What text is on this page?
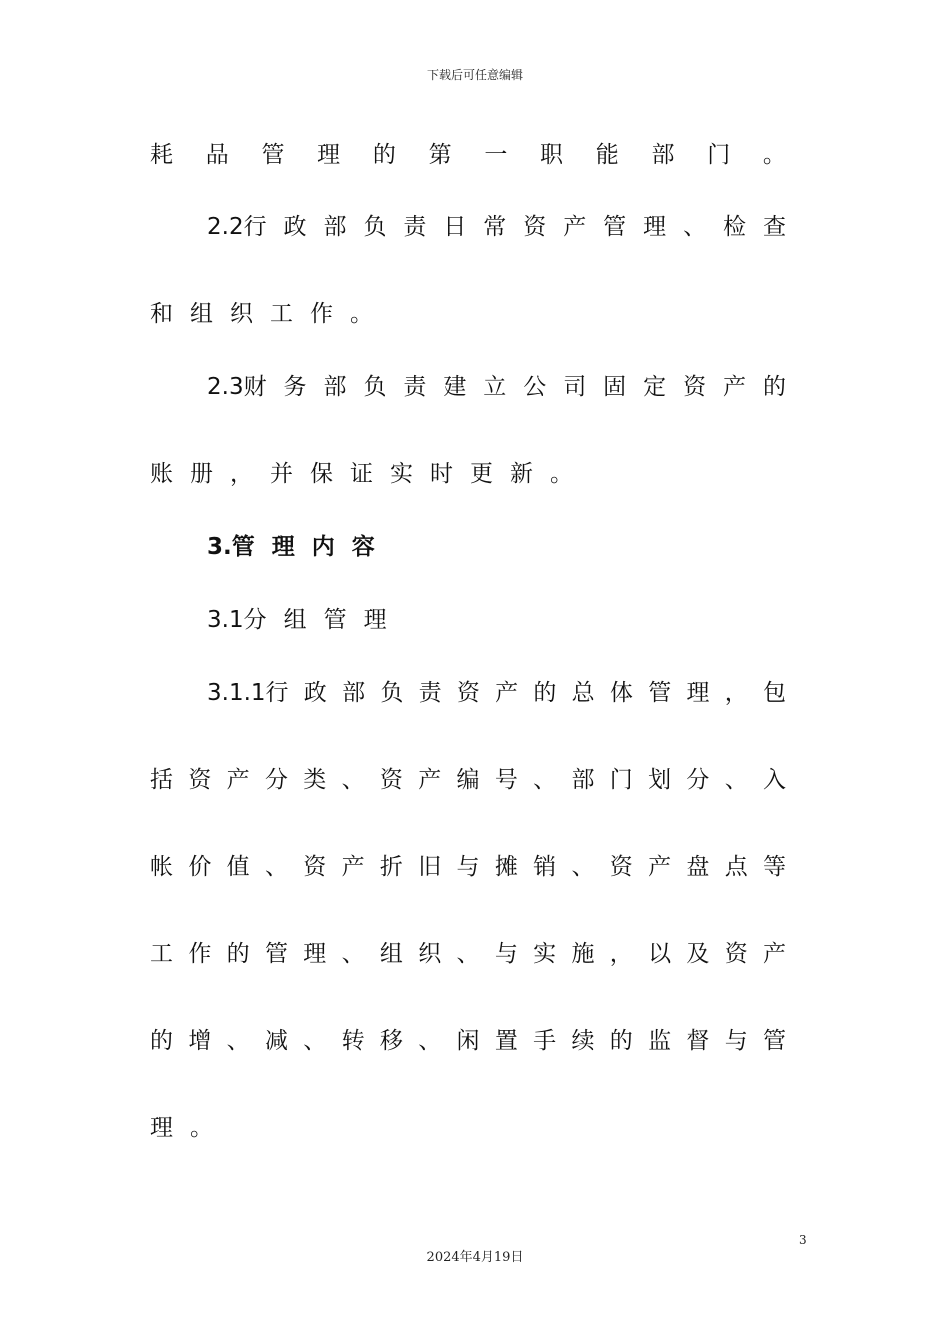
下载后可任意编辑
耗 品 管 理 的 第 一 职 能 部 门 。
2.2行 政 部 负 责 日 常 资 产 管 理 、 检 查
和 组 织 工 作 。
2.3财 务 部 负 责 建 立 公 司 固 定 资 产 的
账 册 ， 并 保 证 实 时 更 新 。
3.管 理 内 容
3.1分 组 管 理
3.1.1行 政 部 负 责 资 产 的 总 体 管 理 ， 包
括 资 产 分 类 、 资 产 编 号 、 部 门 划 分 、 入
帐 价 值 、 资 产 折 旧 与 摊 销 、 资 产 盘 点 等
工 作 的 管 理 、 组 织 、 与 实 施 ， 以 及 资 产
的 增 、 减 、 转 移 、 闲 置 手 续 的 监 督 与 管
理 。
3
2024年4月19日
